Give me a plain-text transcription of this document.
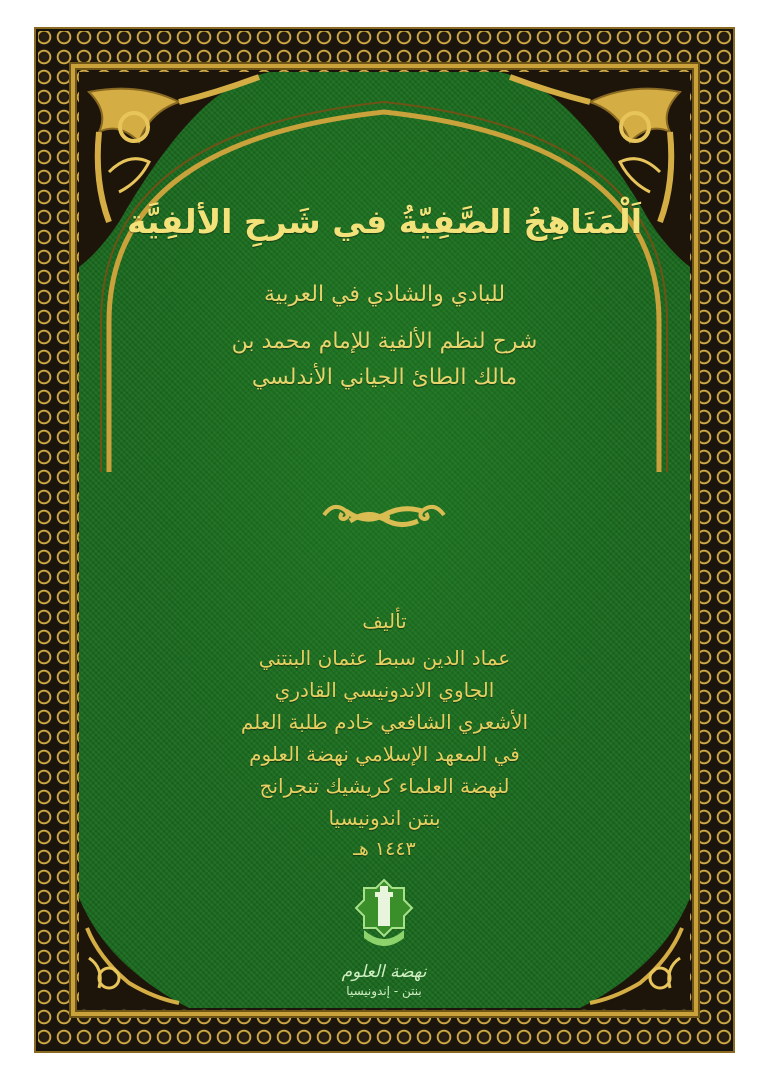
اَلْمَنَاهِجُ الصَّفِيّةُ في شَرحِ الألفِيَّة
للبادي والشادي في العربية
شرح لنظم الألفية للإمام محمد بن
مالك الطائ الجياني الأندلسي
تأليف
عماد الدين سبط عثمان البنتني
الجاوي الاندونيسي القادري
الأشعري الشافعي خادم طلبة العلم
في المعهد الإسلامي نهضة العلوم
لنهضة العلماء كريشيك تنجرانج
بنتن اندونيسيا
١٤٤٣ هـ
نهضة العلوم
بنتن - إندونيسيا
